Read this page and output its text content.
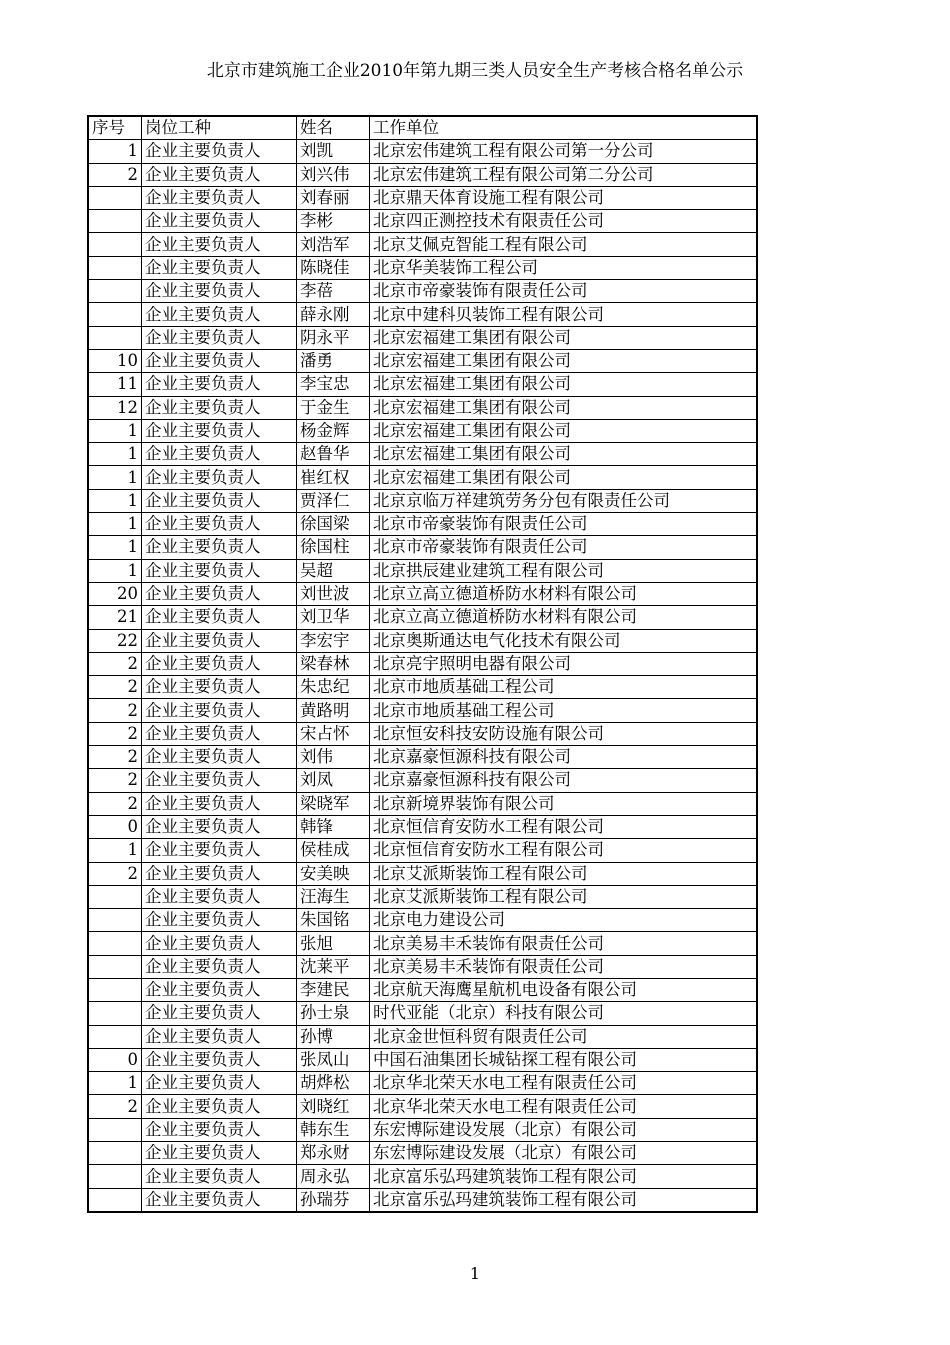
北京市建筑施工企业2010年第九期三类人员安全生产考核合格名单公示
序号	岗位工种	姓名	工作单位
1	企业主要负责人	刘凯	北京宏伟建筑工程有限公司第一分公司
2	企业主要负责人	刘兴伟	北京宏伟建筑工程有限公司第二分公司
	企业主要负责人	刘春丽	北京鼎天体育设施工程有限公司
	企业主要负责人	李彬	北京四正测控技术有限责任公司
	企业主要负责人	刘浩军	北京艾佩克智能工程有限公司
	企业主要负责人	陈晓佳	北京华美装饰工程公司
	企业主要负责人	李蓓	北京市帝豪装饰有限责任公司
	企业主要负责人	薛永刚	北京中建科贝装饰工程有限公司
	企业主要负责人	阴永平	北京宏福建工集团有限公司
10	企业主要负责人	潘勇	北京宏福建工集团有限公司
11	企业主要负责人	李宝忠	北京宏福建工集团有限公司
12	企业主要负责人	于金生	北京宏福建工集团有限公司
1	企业主要负责人	杨金辉	北京宏福建工集团有限公司
1	企业主要负责人	赵鲁华	北京宏福建工集团有限公司
1	企业主要负责人	崔红权	北京宏福建工集团有限公司
1	企业主要负责人	贾泽仁	北京京临万祥建筑劳务分包有限责任公司
1	企业主要负责人	徐国梁	北京市帝豪装饰有限责任公司
1	企业主要负责人	徐国柱	北京市帝豪装饰有限责任公司
1	企业主要负责人	吴超	北京拱辰建业建筑工程有限公司
20	企业主要负责人	刘世波	北京立高立德道桥防水材料有限公司
21	企业主要负责人	刘卫华	北京立高立德道桥防水材料有限公司
22	企业主要负责人	李宏宇	北京奥斯通达电气化技术有限公司
2	企业主要负责人	梁春林	北京亮宇照明电器有限公司
2	企业主要负责人	朱忠纪	北京市地质基础工程公司
2	企业主要负责人	黄路明	北京市地质基础工程公司
2	企业主要负责人	宋占怀	北京恒安科技安防设施有限公司
2	企业主要负责人	刘伟	北京嘉豪恒源科技有限公司
2	企业主要负责人	刘凤	北京嘉豪恒源科技有限公司
2	企业主要负责人	梁晓军	北京新境界装饰有限公司
0	企业主要负责人	韩锋	北京恒信育安防水工程有限公司
1	企业主要负责人	侯桂成	北京恒信育安防水工程有限公司
2	企业主要负责人	安美映	北京艾派斯装饰工程有限公司
	企业主要负责人	汪海生	北京艾派斯装饰工程有限公司
	企业主要负责人	朱国铭	北京电力建设公司
	企业主要负责人	张旭	北京美易丰禾装饰有限责任公司
	企业主要负责人	沈莱平	北京美易丰禾装饰有限责任公司
	企业主要负责人	李建民	北京航天海鹰星航机电设备有限公司
	企业主要负责人	孙士泉	时代亚能（北京）科技有限公司
	企业主要负责人	孙博	北京金世恒科贸有限责任公司
0	企业主要负责人	张凤山	中国石油集团长城钻探工程有限公司
1	企业主要负责人	胡烨松	北京华北荣天水电工程有限责任公司
2	企业主要负责人	刘晓红	北京华北荣天水电工程有限责任公司
	企业主要负责人	韩东生	东宏博际建设发展（北京）有限公司
	企业主要负责人	郑永财	东宏博际建设发展（北京）有限公司
	企业主要负责人	周永弘	北京富乐弘玛建筑装饰工程有限公司
	企业主要负责人	孙瑞芬	北京富乐弘玛建筑装饰工程有限公司
1
